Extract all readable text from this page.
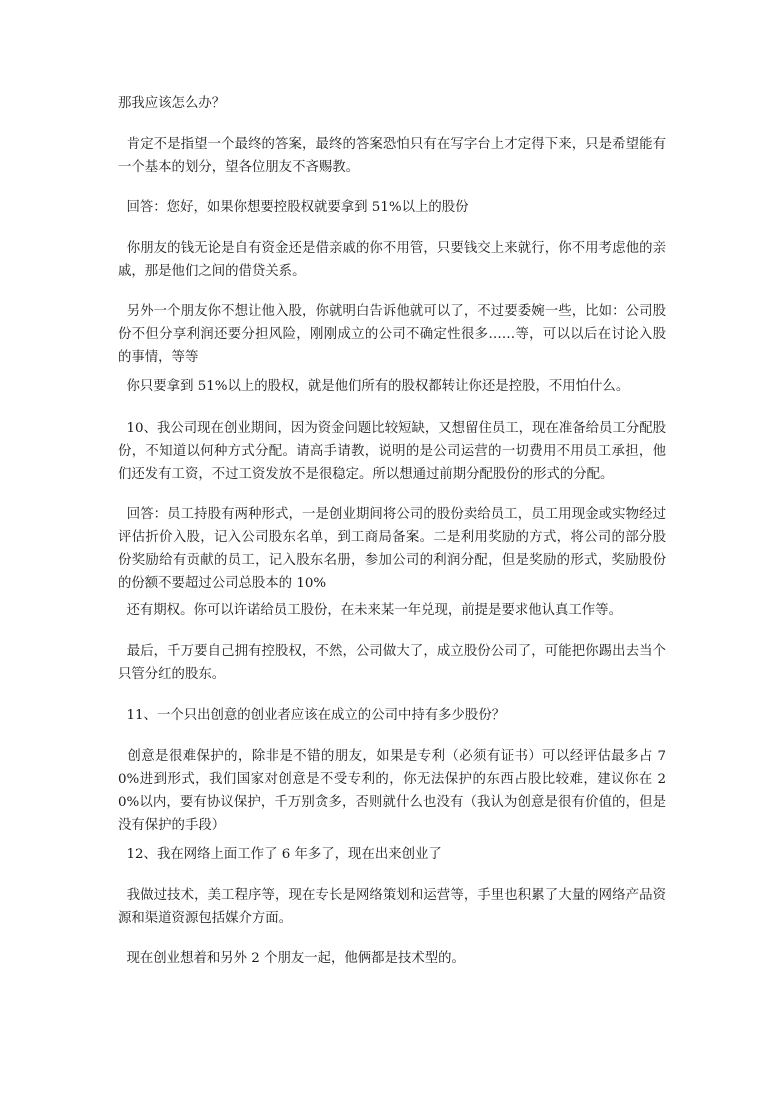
那我应该怎么办？

肯定不是指望一个最终的答案，最终的答案恐怕只有在写字台上才定得下来，只是希望能有一个基本的划分，望各位朋友不吝赐教。

回答：您好，如果你想要控股权就要拿到 51%以上的股份

你朋友的钱无论是自有资金还是借亲戚的你不用管，只要钱交上来就行，你不用考虑他的亲戚，那是他们之间的借贷关系。

另外一个朋友你不想让他入股，你就明白告诉他就可以了，不过要委婉一些，比如：公司股份不但分享利润还要分担风险，刚刚成立的公司不确定性很多……等，可以以后在讨论入股的事情，等等

你只要拿到 51%以上的股权，就是他们所有的股权都转让你还是控股，不用怕什么。

10、我公司现在创业期间，因为资金问题比较短缺，又想留住员工，现在准备给员工分配股份，不知道以何种方式分配。请高手请教，说明的是公司运营的一切费用不用员工承担，他们还发有工资，不过工资发放不是很稳定。所以想通过前期分配股份的形式的分配。

回答：员工持股有两种形式，一是创业期间将公司的股份卖给员工，员工用现金或实物经过评估折价入股，记入公司股东名单，到工商局备案。二是利用奖励的方式，将公司的部分股份奖励给有贡献的员工，记入股东名册，参加公司的利润分配，但是奖励的形式，奖励股份的份额不要超过公司总股本的 10%

还有期权。你可以许诺给员工股份，在未来某一年兑现，前提是要求他认真工作等。

最后，千万要自己拥有控股权，不然，公司做大了，成立股份公司了，可能把你踢出去当个只管分红的股东。

11、一个只出创意的创业者应该在成立的公司中持有多少股份？

创意是很难保护的，除非是不错的朋友，如果是专利（必须有证书）可以经评估最多占 70%进到形式，我们国家对创意是不受专利的，你无法保护的东西占股比较难，建议你在 20%以内，要有协议保护，千万别贪多，否则就什么也没有（我认为创意是很有价值的，但是没有保护的手段）

12、我在网络上面工作了 6 年多了，现在出来创业了

我做过技术，美工程序等，现在专长是网络策划和运营等，手里也积累了大量的网络产品资源和渠道资源包括媒介方面。

现在创业想着和另外 2 个朋友一起，他俩都是技术型的。
